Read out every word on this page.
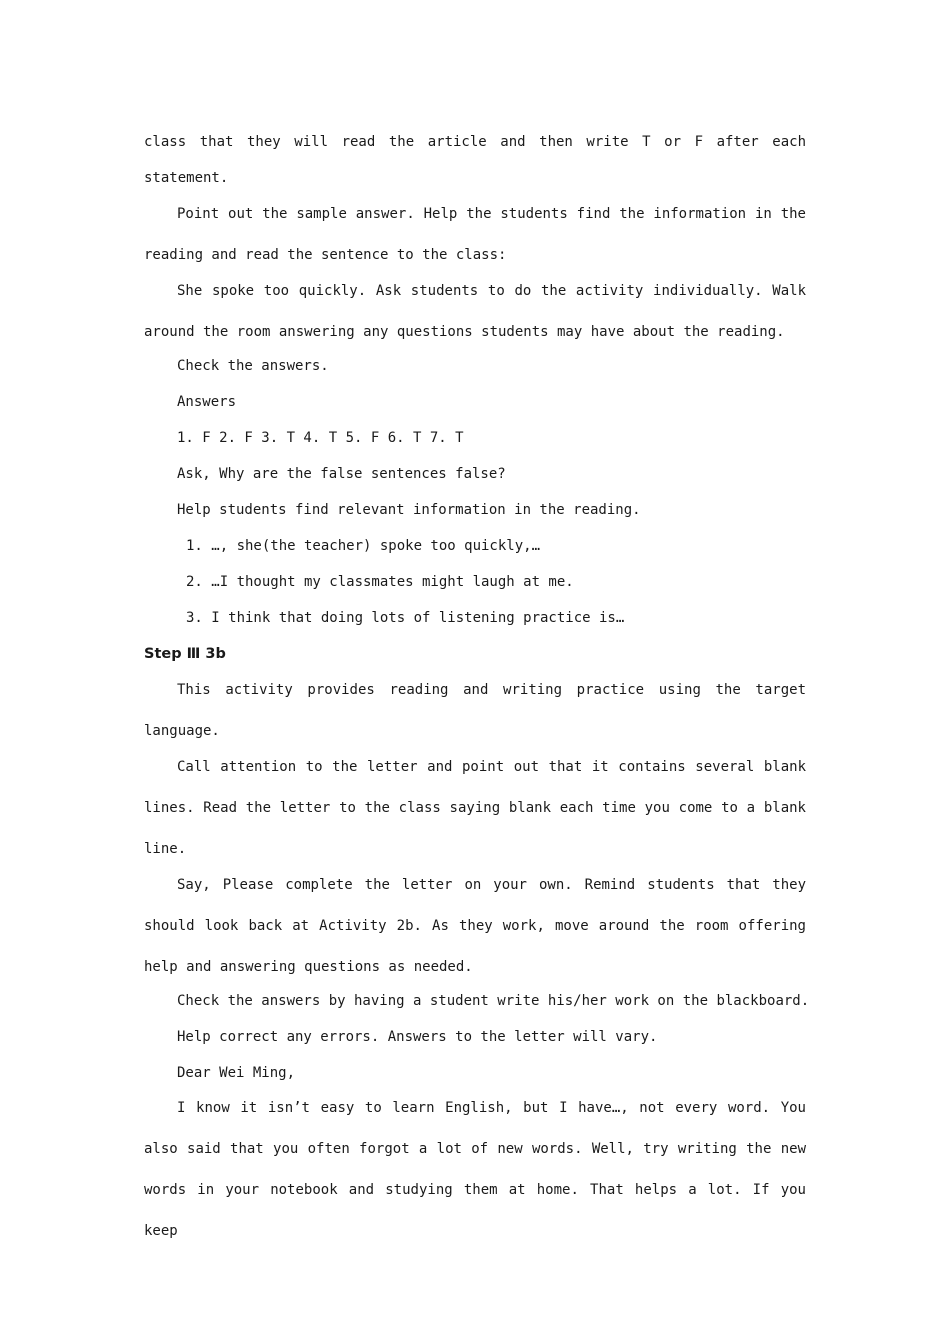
class that they will read the article and then write T or F after each

statement.

Point out the sample answer. Help the students find the information in the reading and read the sentence to the class:

She spoke too quickly. Ask students to do the activity individually. Walk around the room answering any questions students may have about the reading.

Check the answers.

Answers

1. F 2. F 3. T 4. T 5. F 6. T 7. T

Ask, Why are the false sentences false?

Help students find relevant information in the reading.

1. …, she(the teacher) spoke too quickly,…

2. …I thought my classmates might laugh at me.

3. I think that doing lots of listening practice is…

Step Ⅲ 3b

This activity provides reading and writing practice using the target language.

Call attention to the letter and point out that it contains several blank lines. Read the letter to the class saying blank each time you come to a blank line.

Say, Please complete the letter on your own. Remind students that they should look back at Activity 2b. As they work, move around the room offering help and answering questions as needed.

Check the answers by having a student write his/her work on the blackboard.

Help correct any errors. Answers to the letter will vary.

Dear Wei Ming,

I know it isn’t easy to learn English, but I have…, not every word. You also said that you often forgot a lot of new words. Well, try writing the new words in your notebook and studying them at home. That helps a lot. If you keep
